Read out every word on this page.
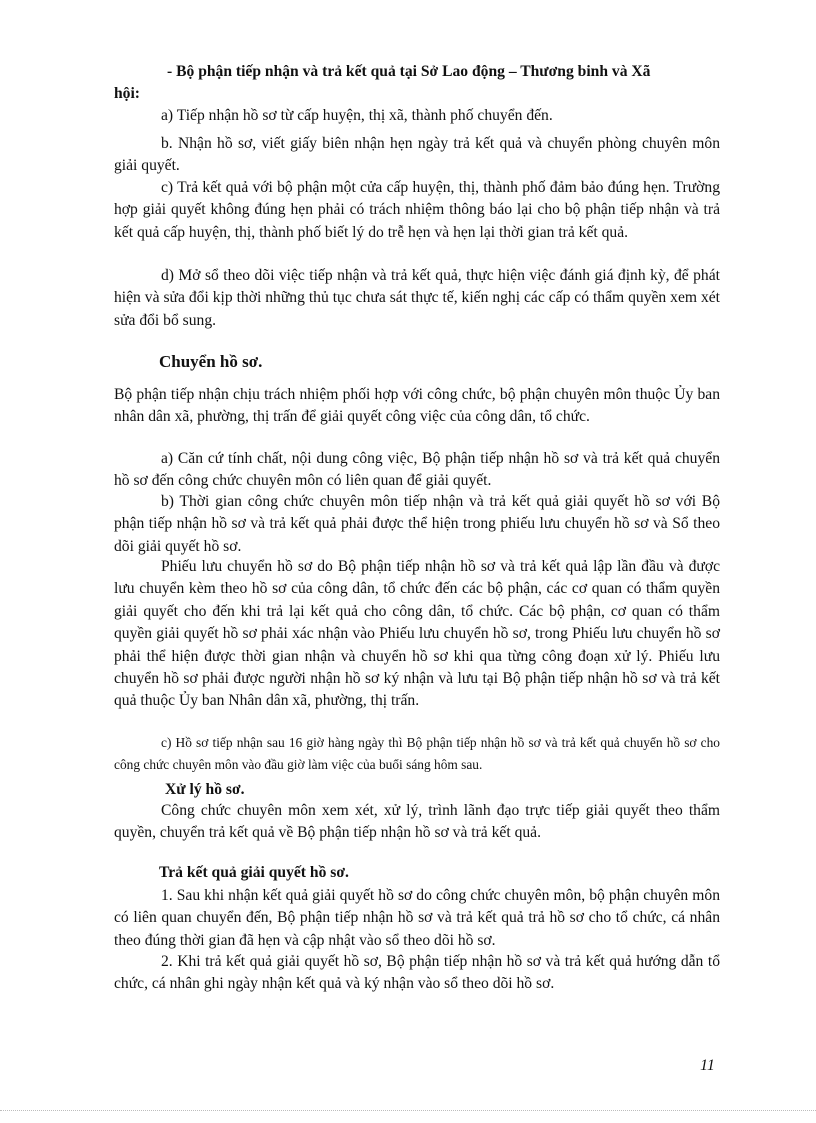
- Bộ phận tiếp nhận và trả kết quả tại Sở Lao động – Thương binh và Xã

hội:

a) Tiếp nhận hồ sơ từ cấp huyện, thị xã, thành phố chuyển đến.

b. Nhận hồ sơ, viết giấy biên nhận hẹn ngày trả kết quả và chuyển phòng chuyên môn giải quyết.

c) Trả kết quả với bộ phận một cửa cấp huyện, thị, thành phố đảm bảo đúng hẹn. Trường hợp giải quyết không đúng hẹn phải có trách nhiệm thông báo lại cho bộ phận tiếp nhận và trả kết quả cấp huyện, thị, thành phố biết lý do trễ hẹn và hẹn lại thời gian trả kết quả.

d) Mở sổ theo dõi việc tiếp nhận và trả kết quả, thực hiện việc đánh giá định kỳ, để phát hiện và sửa đổi kịp thời những thủ tục chưa sát thực tế, kiến nghị các cấp có thẩm quyền xem xét sửa đổi bổ sung.

Chuyển hồ sơ.

Bộ phận tiếp nhận chịu trách nhiệm phối hợp với công chức, bộ phận chuyên môn thuộc Ủy ban nhân dân xã, phường, thị trấn để giải quyết công việc của công dân, tổ chức.

a) Căn cứ tính chất, nội dung công việc, Bộ phận tiếp nhận hồ sơ và trả kết quả chuyển hồ sơ đến công chức chuyên môn có liên quan để giải quyết.

b) Thời gian công chức chuyên môn tiếp nhận và trả kết quả giải quyết hồ sơ với Bộ phận tiếp nhận hồ sơ và trả kết quả phải được thể hiện trong phiếu lưu chuyển hồ sơ và Sổ theo dõi giải quyết hồ sơ.

Phiếu lưu chuyển hồ sơ do Bộ phận tiếp nhận hồ sơ và trả kết quả lập lần đầu và được lưu chuyển kèm theo hồ sơ của công dân, tổ chức đến các bộ phận, các cơ quan có thẩm quyền giải quyết cho đến khi trả lại kết quả cho công dân, tổ chức. Các bộ phận, cơ quan có thẩm quyền giải quyết hồ sơ phải xác nhận vào Phiếu lưu chuyển hồ sơ, trong Phiếu lưu chuyển hồ sơ phải thể hiện được thời gian nhận và chuyển hồ sơ khi qua từng công đoạn xử lý. Phiếu lưu chuyển hồ sơ phải được người nhận hồ sơ ký nhận và lưu tại Bộ phận tiếp nhận hồ sơ và trả kết quả thuộc Ủy ban Nhân dân xã, phường, thị trấn.

c) Hồ sơ tiếp nhận sau 16 giờ hàng ngày thì Bộ phận tiếp nhận hồ sơ và trả kết quả chuyển hồ sơ cho công chức chuyên môn vào đầu giờ làm việc của buổi sáng hôm sau.

Xử lý hồ sơ.

Công chức chuyên môn xem xét, xử lý, trình lãnh đạo trực tiếp giải quyết theo thẩm quyền, chuyển trả kết quả về Bộ phận tiếp nhận hồ sơ và trả kết quả.

Trả kết quả giải quyết hồ sơ.

1. Sau khi nhận kết quả giải quyết hồ sơ do công chức chuyên môn, bộ phận chuyên môn có liên quan chuyển đến, Bộ phận tiếp nhận hồ sơ và trả kết quả trả hồ sơ cho tổ chức, cá nhân theo đúng thời gian đã hẹn và cập nhật vào sổ theo dõi hồ sơ.

2. Khi trả kết quả giải quyết hồ sơ, Bộ phận tiếp nhận hồ sơ và trả kết quả hướng dẫn tổ chức, cá nhân ghi ngày nhận kết quả và ký nhận vào sổ theo dõi hồ sơ.

11
